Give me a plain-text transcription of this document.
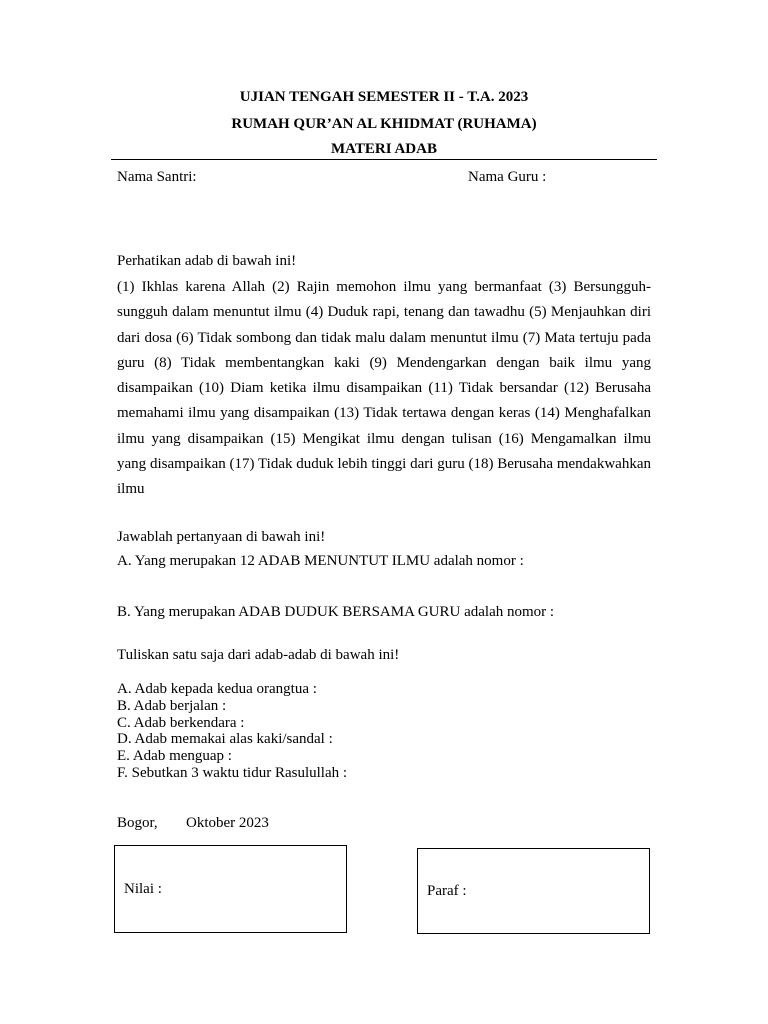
UJIAN TENGAH SEMESTER II - T.A. 2023

RUMAH QUR’AN AL KHIDMAT (RUHAMA)

MATERI ADAB

Nama Santri:	Nama Guru :

Perhatikan adab di bawah ini!

(1) Ikhlas karena Allah (2) Rajin memohon ilmu yang bermanfaat (3) Bersungguh-sungguh dalam menuntut ilmu (4) Duduk rapi, tenang dan tawadhu (5) Menjauhkan diri dari dosa (6) Tidak sombong dan tidak malu dalam menuntut ilmu (7) Mata tertuju pada guru (8) Tidak membentangkan kaki (9) Mendengarkan dengan baik ilmu yang disampaikan (10) Diam ketika ilmu disampaikan (11) Tidak bersandar (12) Berusaha memahami ilmu yang disampaikan (13) Tidak tertawa dengan keras (14) Menghafalkan ilmu yang disampaikan (15) Mengikat ilmu dengan tulisan (16) Mengamalkan ilmu yang disampaikan (17) Tidak duduk lebih tinggi dari guru (18) Berusaha mendakwahkan ilmu

Jawablah pertanyaan di bawah ini!

A. Yang merupakan 12 ADAB MENUNTUT ILMU adalah nomor :

B. Yang merupakan ADAB DUDUK BERSAMA GURU adalah nomor :

Tuliskan satu saja dari adab-adab di bawah ini!

A. Adab kepada kedua orangtua :
B. Adab berjalan :
C. Adab berkendara :
D. Adab memakai alas kaki/sandal :
E. Adab menguap :
F. Sebutkan 3 waktu tidur Rasulullah :

Bogor, Oktober 2023

Nilai :	Paraf :
